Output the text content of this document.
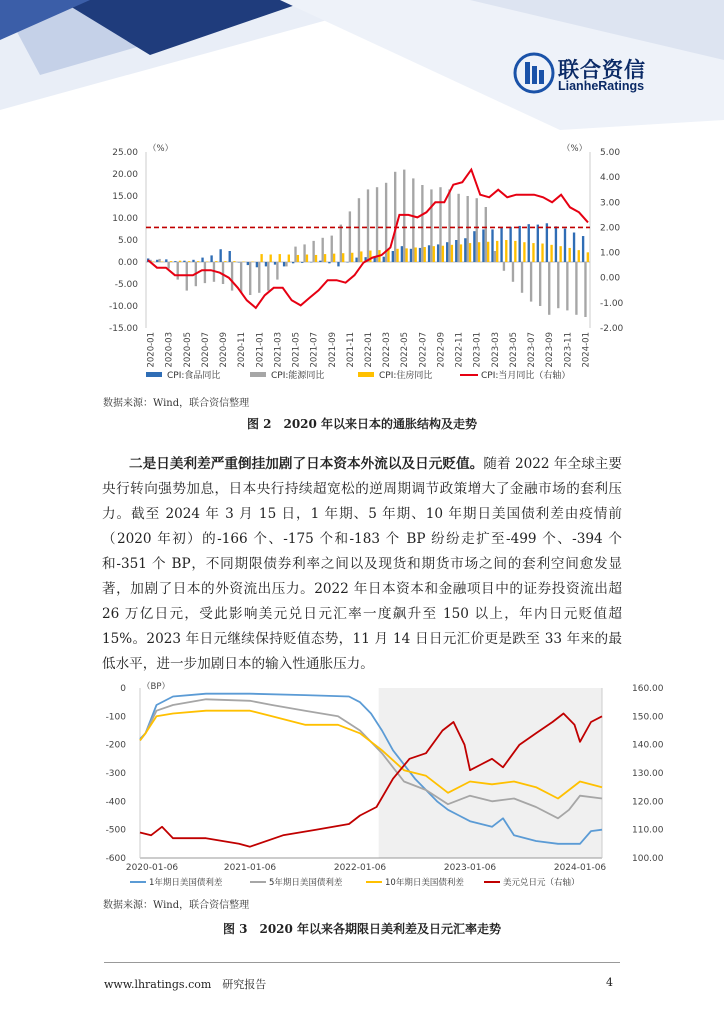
联合资信
LianheRatings
25.00
20.00
15.00
10.00
5.00
0.00
-5.00
-10.00
-15.00
5.00
4.00
3.00
2.00
1.00
0.00
-1.00
-2.00
（%）	（%）
2020-01 2020-03 2020-05 2020-07 2020-09 2020-11 2021-01 2021-03 2021-05 2021-07 2021-09 2021-11 2022-01 2022-03 2022-05 2022-07 2022-09 2022-11 2023-01 2023-03 2023-05 2023-07 2023-09 2023-11 2024-01
CPI:食品同比	CPI:能源同比	CPI:住房同比	CPI:当月同比（右轴）
数据来源：Wind，联合资信整理
图 2　2020 年以来日本的通胀结构及走势
二是日美利差严重倒挂加剧了日本资本外流以及日元贬值。随着 2022 年全球主要央行转向强势加息，日本央行持续超宽松的逆周期调节政策增大了金融市场的套利压力。截至 2024 年 3 月 15 日，1 年期、5 年期、10 年期日美国债利差由疫情前（2020 年初）的-166 个、-175 个和-183 个 BP 纷纷走扩至-499 个、-394 个和-351 个 BP，不同期限债券利率之间以及现货和期货市场之间的套利空间愈发显著，加剧了日本的外资流出压力。2022 年日本资本和金融项目中的证券投资流出超 26 万亿日元，受此影响美元兑日元汇率一度飙升至 150 以上，年内日元贬值超 15%。2023 年日元继续保持贬值态势，11 月 14 日日元汇价更是跌至 33 年来的最低水平，进一步加剧日本的输入性通胀压力。
0
-100
-200
-300
-400
-500
-600
160.00
150.00
140.00
130.00
120.00
110.00
100.00
（BP）
2020-01-06	2021-01-06	2022-01-06	2023-01-06	2024-01-06
1年期日美国债利差	5年期日美国债利差	10年期日美国债利差	美元兑日元（右轴）
数据来源：Wind，联合资信整理
图 3　2020 年以来各期限日美利差及日元汇率走势
www.lhratings.com　研究报告	4
